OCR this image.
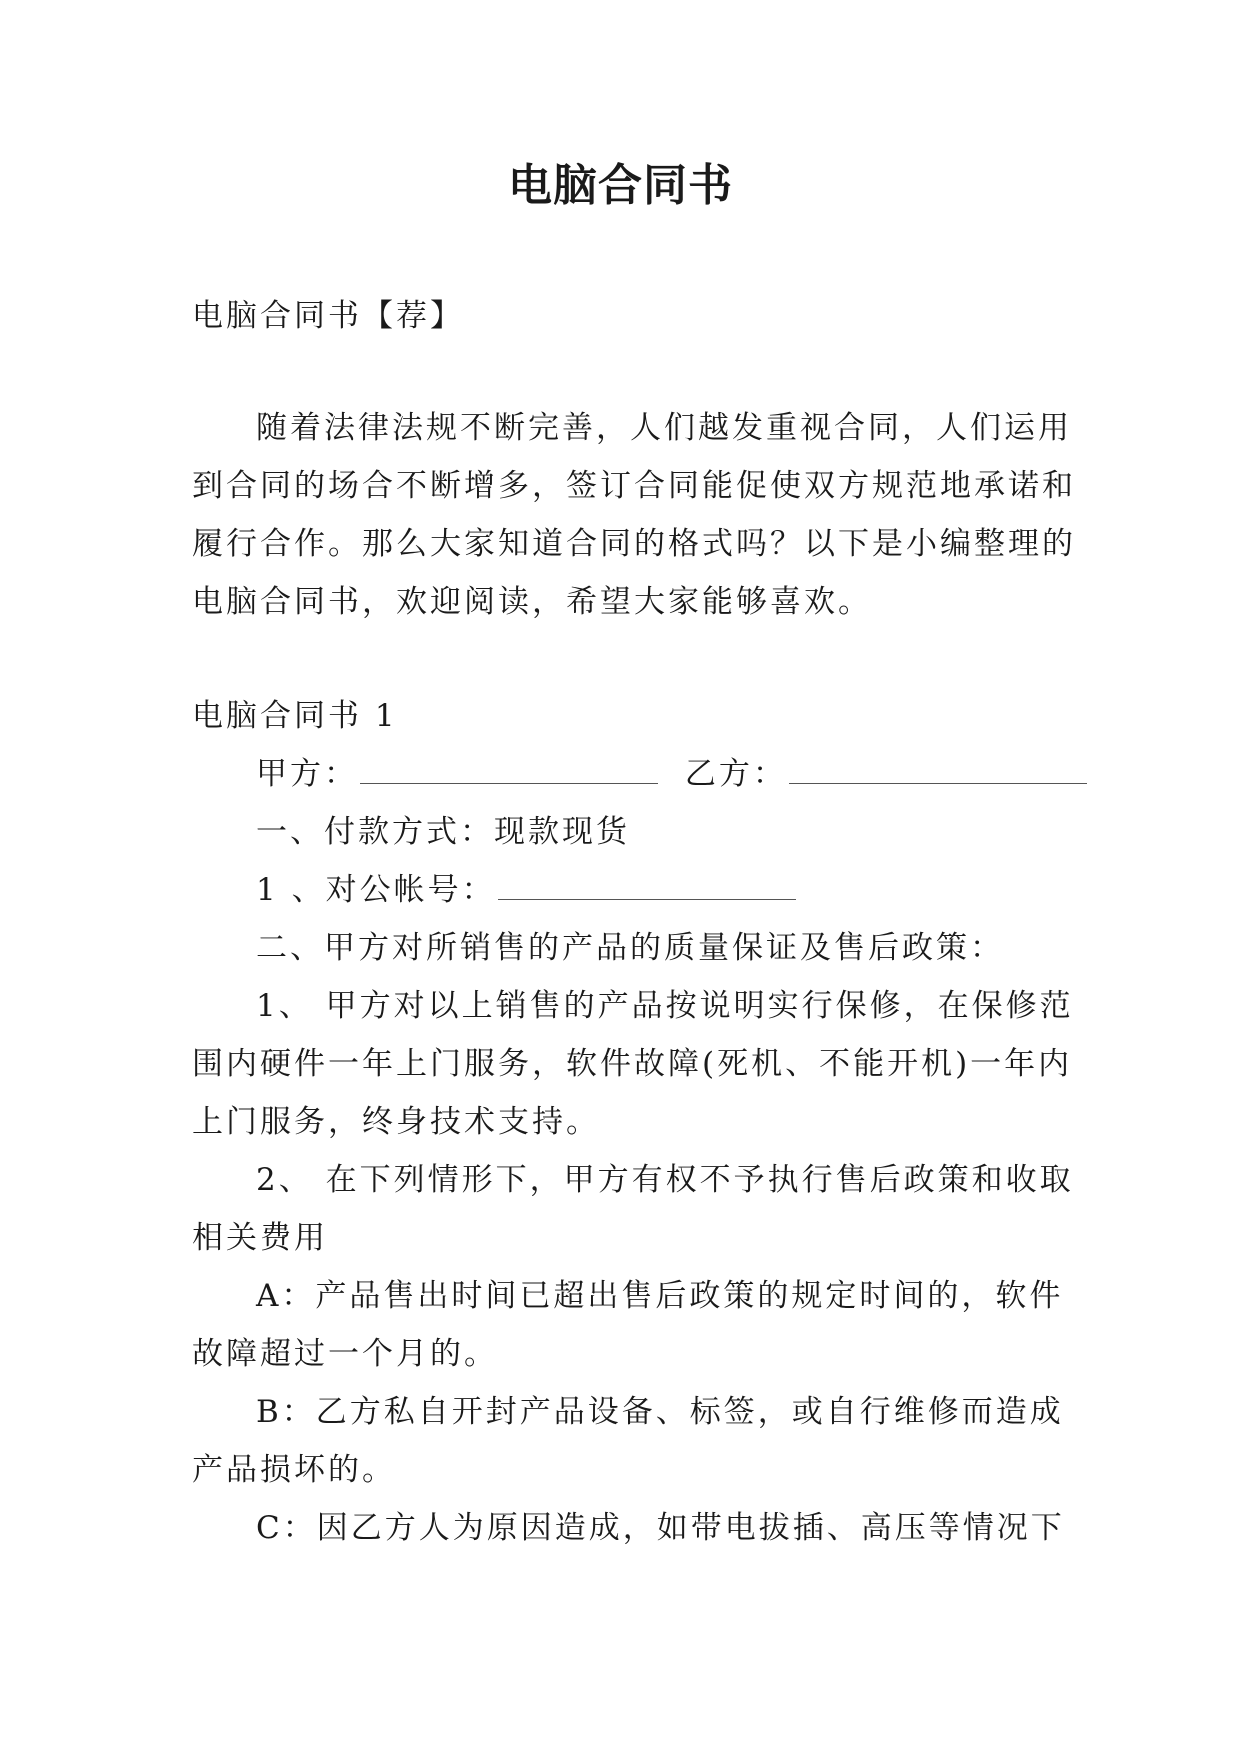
电脑合同书
电脑合同书【荐】
随着法律法规不断完善，人们越发重视合同，人们运用
到合同的场合不断增多，签订合同能促使双方规范地承诺和
履行合作。那么大家知道合同的格式吗？以下是小编整理的
电脑合同书，欢迎阅读，希望大家能够喜欢。
电脑合同书 1
甲方：	乙方：
一、付款方式：现款现货
1 、对公帐号：
二、甲方对所销售的产品的质量保证及售后政策：
1、 甲方对以上销售的产品按说明实行保修，在保修范
围内硬件一年上门服务，软件故障(死机、不能开机)一年内
上门服务，终身技术支持。
2、 在下列情形下，甲方有权不予执行售后政策和收取
相关费用
A：产品售出时间已超出售后政策的规定时间的，软件
故障超过一个月的。
B：乙方私自开封产品设备、标签，或自行维修而造成
产品损坏的。
C：因乙方人为原因造成，如带电拔插、高压等情况下
